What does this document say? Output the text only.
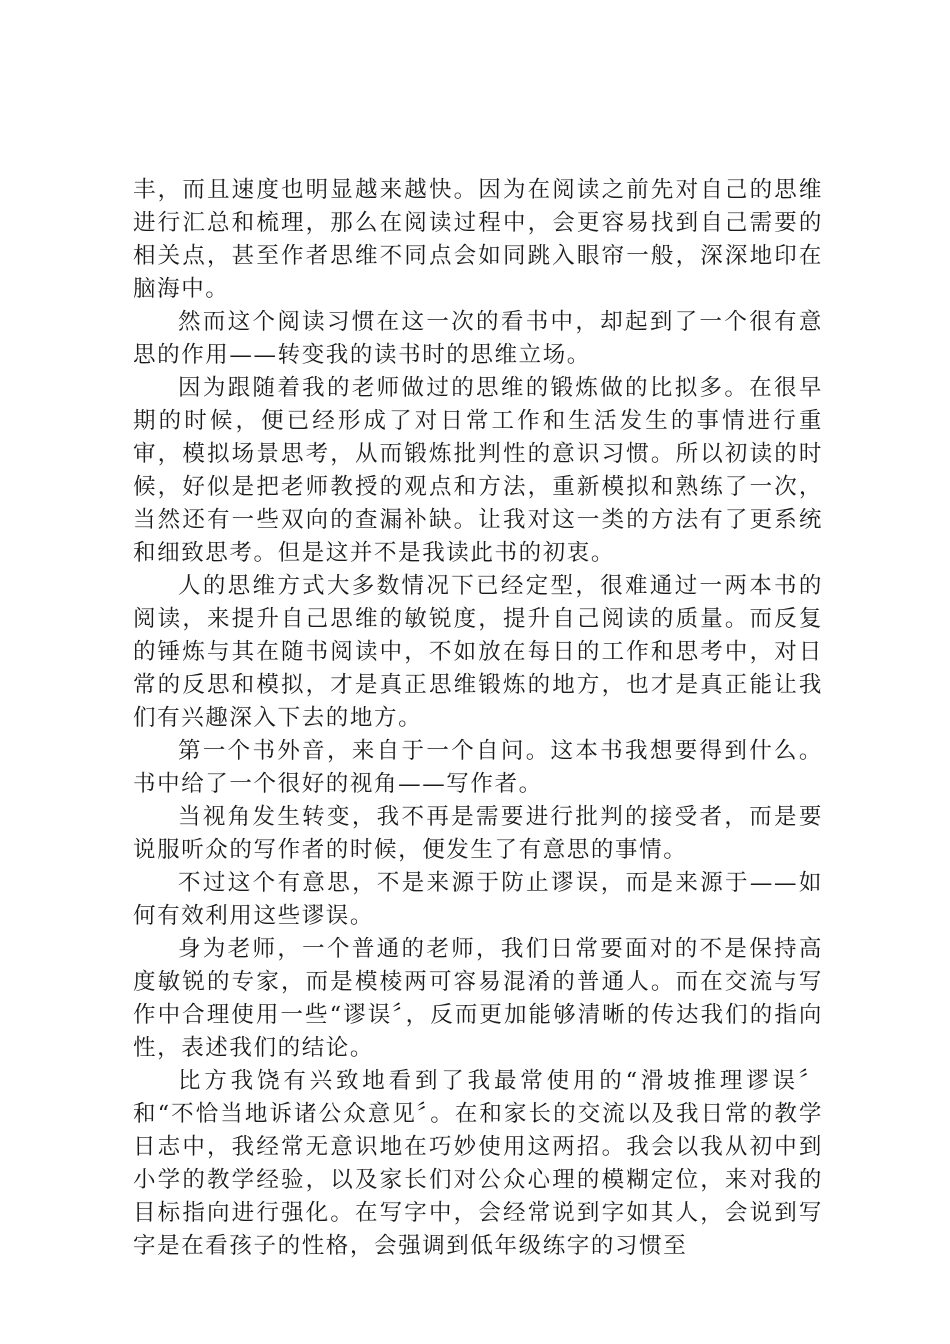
丰，而且速度也明显越来越快。因为在阅读之前先对自己的思维进行汇总和梳理，那么在阅读过程中，会更容易找到自己需要的相关点，甚至作者思维不同点会如同跳入眼帘一般，深深地印在脑海中。

然而这个阅读习惯在这一次的看书中，却起到了一个很有意思的作用——转变我的读书时的思维立场。

因为跟随着我的老师做过的思维的锻炼做的比拟多。在很早期的时候，便已经形成了对日常工作和生活发生的事情进行重审，模拟场景思考，从而锻炼批判性的意识习惯。所以初读的时候，好似是把老师教授的观点和方法，重新模拟和熟练了一次，当然还有一些双向的查漏补缺。让我对这一类的方法有了更系统和细致思考。但是这并不是我读此书的初衷。

人的思维方式大多数情况下已经定型，很难通过一两本书的阅读，来提升自己思维的敏锐度，提升自己阅读的质量。而反复的锤炼与其在随书阅读中，不如放在每日的工作和思考中，对日常的反思和模拟，才是真正思维锻炼的地方，也才是真正能让我们有兴趣深入下去的地方。

第一个书外音，来自于一个自问。这本书我想要得到什么。书中给了一个很好的视角——写作者。

当视角发生转变，我不再是需要进行批判的接受者，而是要说服听众的写作者的时候，便发生了有意思的事情。

不过这个有意思，不是来源于防止谬误，而是来源于——如何有效利用这些谬误。

身为老师，一个普通的老师，我们日常要面对的不是保持高度敏锐的专家，而是模棱两可容易混淆的普通人。而在交流与写作中合理使用一些“谬误〞，反而更加能够清晰的传达我们的指向性，表述我们的结论。

比方我饶有兴致地看到了我最常使用的“滑坡推理谬误〞和“不恰当地诉诸公众意见〞。在和家长的交流以及我日常的教学日志中，我经常无意识地在巧妙使用这两招。我会以我从初中到小学的教学经验，以及家长们对公众心理的模糊定位，来对我的目标指向进行强化。在写字中，会经常说到字如其人，会说到写字是在看孩子的性格，会强调到低年级练字的习惯至
